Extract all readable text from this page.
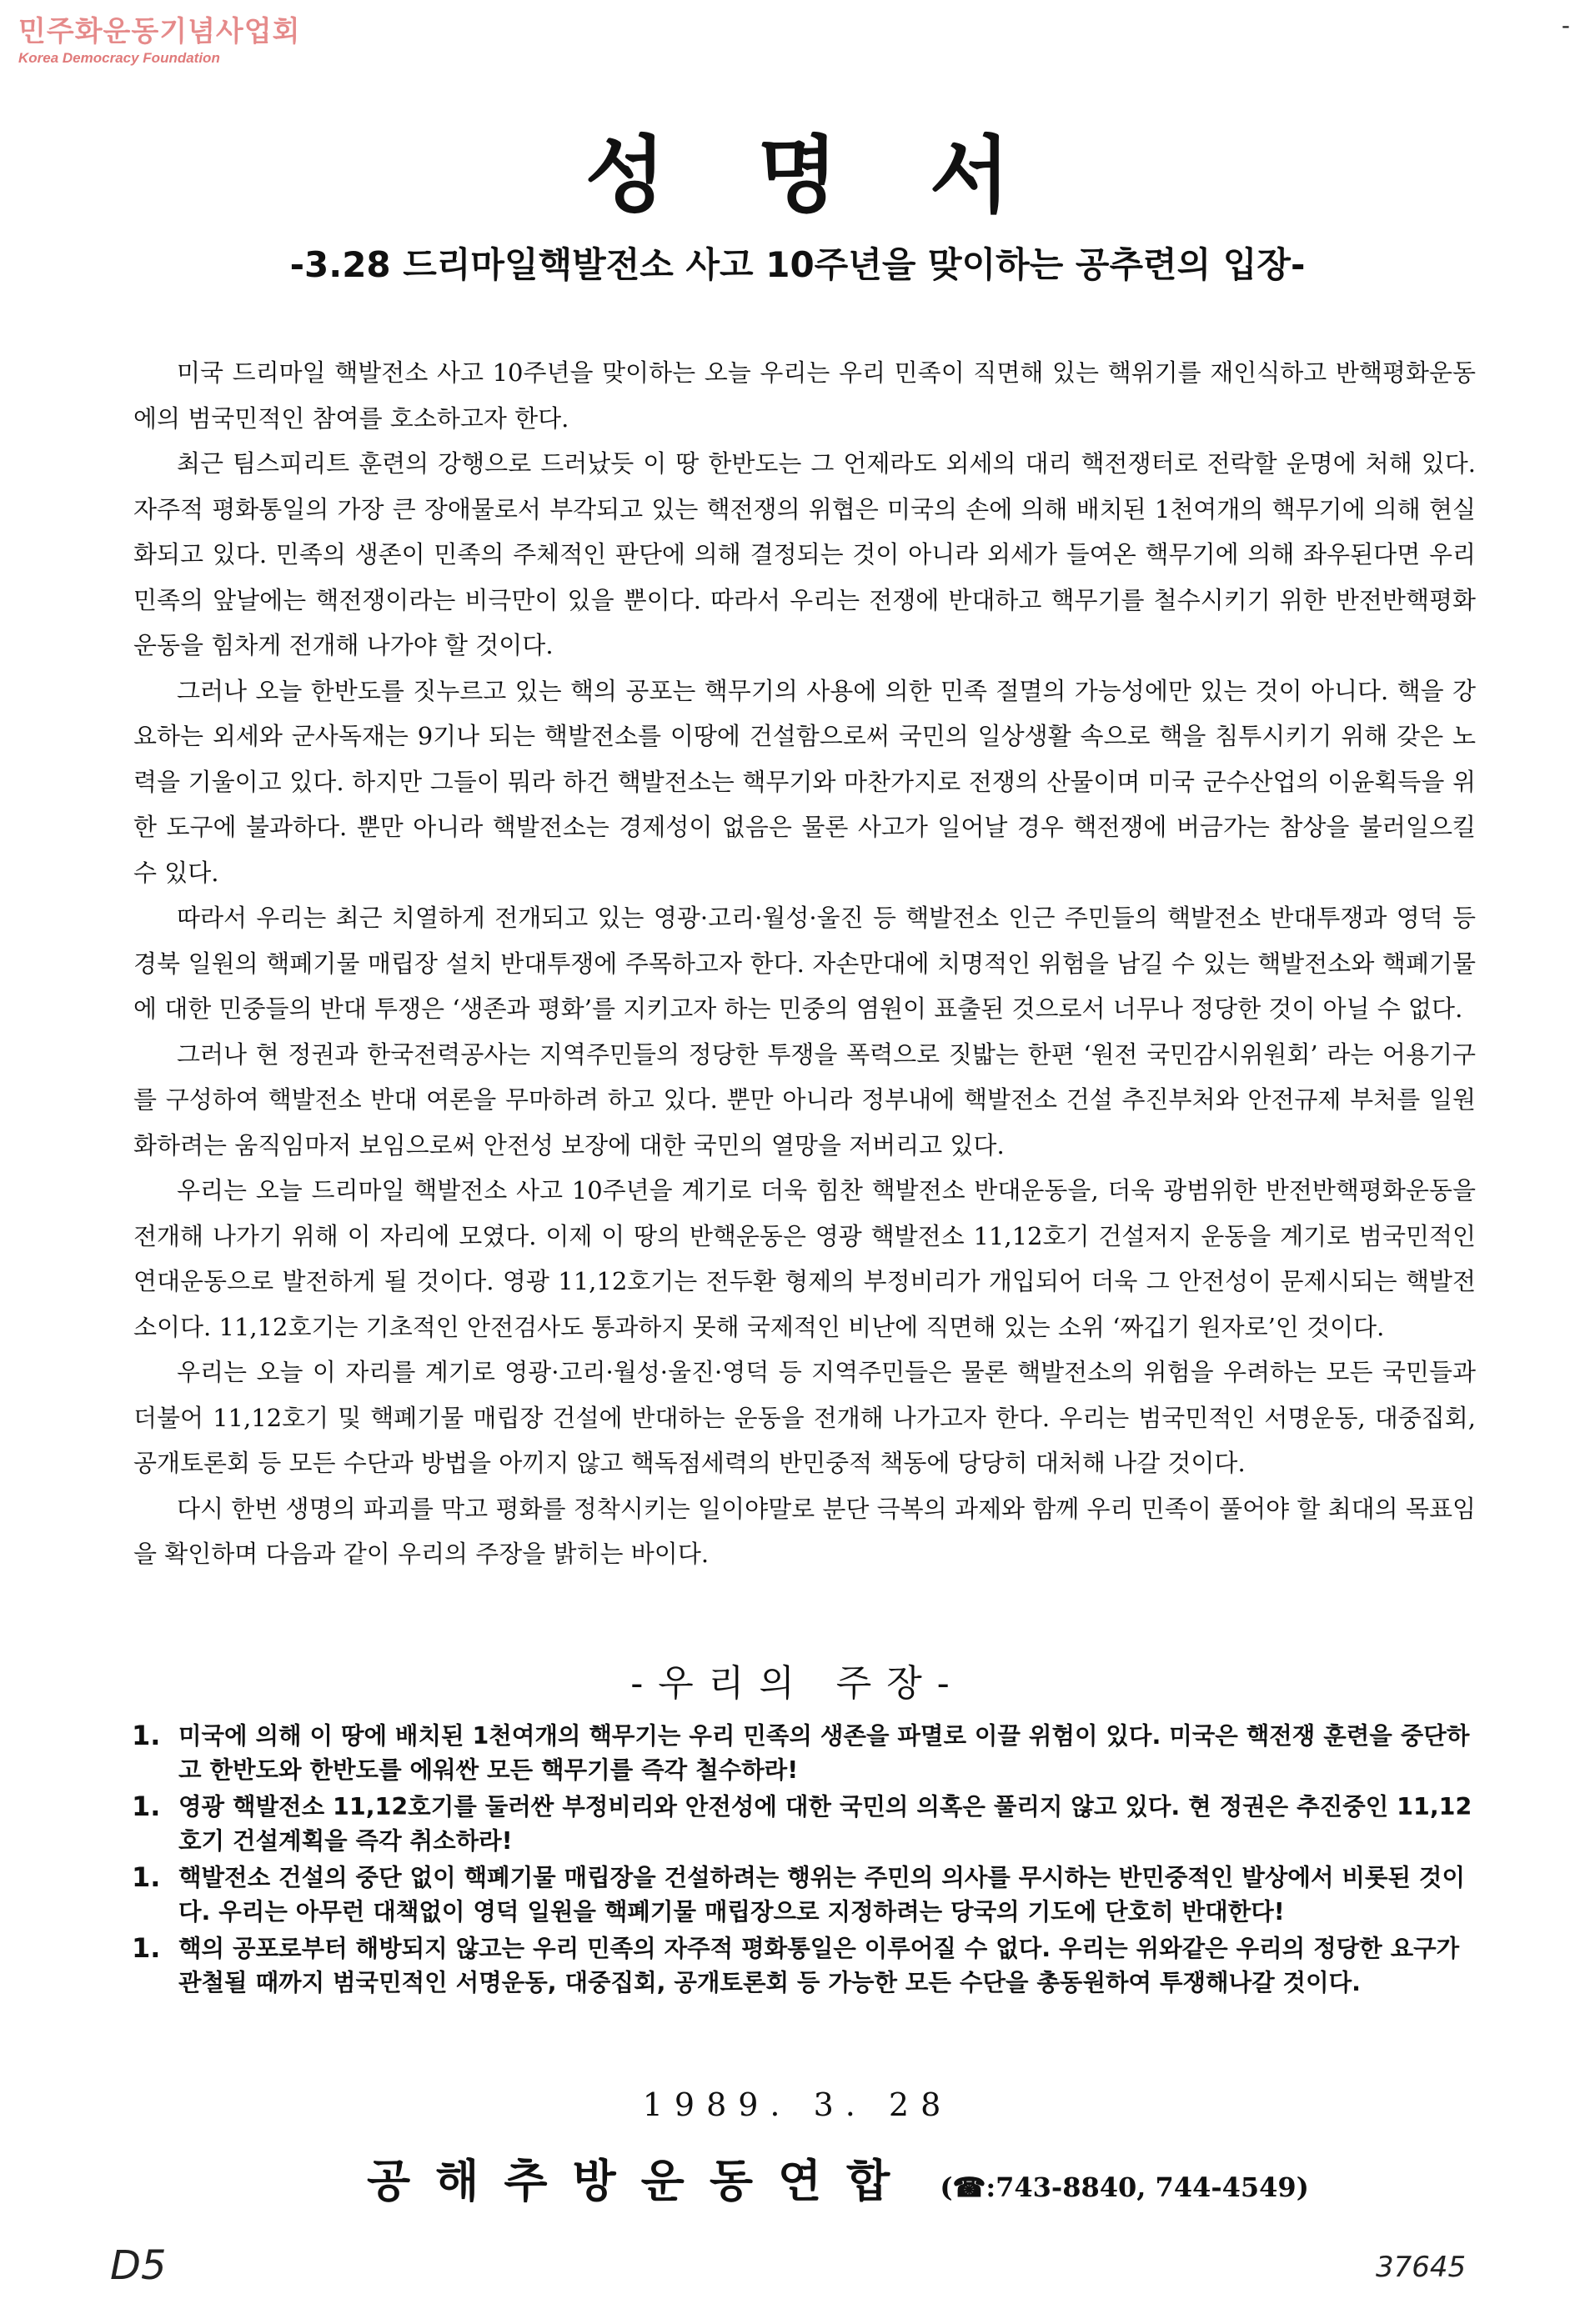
민주화운동기념사업회
Korea Democracy Foundation
-
성명서
-3.28 드리마일핵발전소 사고 10주년을 맞이하는 공추련의 입장-

미국 드리마일 핵발전소 사고 10주년을 맞이하는 오늘 우리는 우리 민족이 직면해 있는 핵위기를 재인식하고 반핵평화운동에의 범국민적인 참여를 호소하고자 한다.

최근 팀스피리트 훈련의 강행으로 드러났듯 이 땅 한반도는 그 언제라도 외세의 대리 핵전쟁터로 전락할 운명에 처해 있다. 자주적 평화통일의 가장 큰 장애물로서 부각되고 있는 핵전쟁의 위협은 미국의 손에 의해 배치된 1천여개의 핵무기에 의해 현실화되고 있다. 민족의 생존이 민족의 주체적인 판단에 의해 결정되는 것이 아니라 외세가 들여온 핵무기에 의해 좌우된다면 우리 민족의 앞날에는 핵전쟁이라는 비극만이 있을 뿐이다. 따라서 우리는 전쟁에 반대하고 핵무기를 철수시키기 위한 반전반핵평화운동을 힘차게 전개해 나가야 할 것이다.

그러나 오늘 한반도를 짓누르고 있는 핵의 공포는 핵무기의 사용에 의한 민족 절멸의 가능성에만 있는 것이 아니다. 핵을 강요하는 외세와 군사독재는 9기나 되는 핵발전소를 이땅에 건설함으로써 국민의 일상생활 속으로 핵을 침투시키기 위해 갖은 노력을 기울이고 있다. 하지만 그들이 뭐라 하건 핵발전소는 핵무기와 마찬가지로 전쟁의 산물이며 미국 군수산업의 이윤획득을 위한 도구에 불과하다. 뿐만 아니라 핵발전소는 경제성이 없음은 물론 사고가 일어날 경우 핵전쟁에 버금가는 참상을 불러일으킬 수 있다.

따라서 우리는 최근 치열하게 전개되고 있는 영광·고리·월성·울진 등 핵발전소 인근 주민들의 핵발전소 반대투쟁과 영덕 등 경북 일원의 핵폐기물 매립장 설치 반대투쟁에 주목하고자 한다. 자손만대에 치명적인 위험을 남길 수 있는 핵발전소와 핵폐기물에 대한 민중들의 반대 투쟁은 ‘생존과 평화’를 지키고자 하는 민중의 염원이 표출된 것으로서 너무나 정당한 것이 아닐 수 없다.

그러나 현 정권과 한국전력공사는 지역주민들의 정당한 투쟁을 폭력으로 짓밟는 한편 ‘원전 국민감시위원회’ 라는 어용기구를 구성하여 핵발전소 반대 여론을 무마하려 하고 있다. 뿐만 아니라 정부내에 핵발전소 건설 추진부처와 안전규제 부처를 일원화하려는 움직임마저 보임으로써 안전성 보장에 대한 국민의 열망을 저버리고 있다.

우리는 오늘 드리마일 핵발전소 사고 10주년을 계기로 더욱 힘찬 핵발전소 반대운동을, 더욱 광범위한 반전반핵평화운동을 전개해 나가기 위해 이 자리에 모였다. 이제 이 땅의 반핵운동은 영광 핵발전소 11,12호기 건설저지 운동을 계기로 범국민적인 연대운동으로 발전하게 될 것이다. 영광 11,12호기는 전두환 형제의 부정비리가 개입되어 더욱 그 안전성이 문제시되는 핵발전소이다. 11,12호기는 기초적인 안전검사도 통과하지 못해 국제적인 비난에 직면해 있는 소위 ‘짜깁기 원자로’인 것이다.

우리는 오늘 이 자리를 계기로 영광·고리·월성·울진·영덕 등 지역주민들은 물론 핵발전소의 위험을 우려하는 모든 국민들과 더불어 11,12호기 및 핵폐기물 매립장 건설에 반대하는 운동을 전개해 나가고자 한다. 우리는 범국민적인 서명운동, 대중집회, 공개토론회 등 모든 수단과 방법을 아끼지 않고 핵독점세력의 반민중적 책동에 당당히 대처해 나갈 것이다.

다시 한번 생명의 파괴를 막고 평화를 정착시키는 일이야말로 분단 극복의 과제와 함께 우리 민족이 풀어야 할 최대의 목표임을 확인하며 다음과 같이 우리의 주장을 밝히는 바이다.

-우리의 주장-
1. 미국에 의해 이 땅에 배치된 1천여개의 핵무기는 우리 민족의 생존을 파멸로 이끌 위험이 있다. 미국은 핵전쟁 훈련을 중단하고 한반도와 한반도를 에워싼 모든 핵무기를 즉각 철수하라!
1. 영광 핵발전소 11,12호기를 둘러싼 부정비리와 안전성에 대한 국민의 의혹은 풀리지 않고 있다. 현 정권은 추진중인 11,12호기 건설계획을 즉각 취소하라!
1. 핵발전소 건설의 중단 없이 핵폐기물 매립장을 건설하려는 행위는 주민의 의사를 무시하는 반민중적인 발상에서 비롯된 것이다. 우리는 아무런 대책없이 영덕 일원을 핵폐기물 매립장으로 지정하려는 당국의 기도에 단호히 반대한다!
1. 핵의 공포로부터 해방되지 않고는 우리 민족의 자주적 평화통일은 이루어질 수 없다. 우리는 위와같은 우리의 정당한 요구가 관철될 때까지 범국민적인 서명운동, 대중집회, 공개토론회 등 가능한 모든 수단을 총동원하여 투쟁해나갈 것이다.
1989. 3. 28
공해추방운동연합 (☎:743-8840, 744-4549)
D5	37645
